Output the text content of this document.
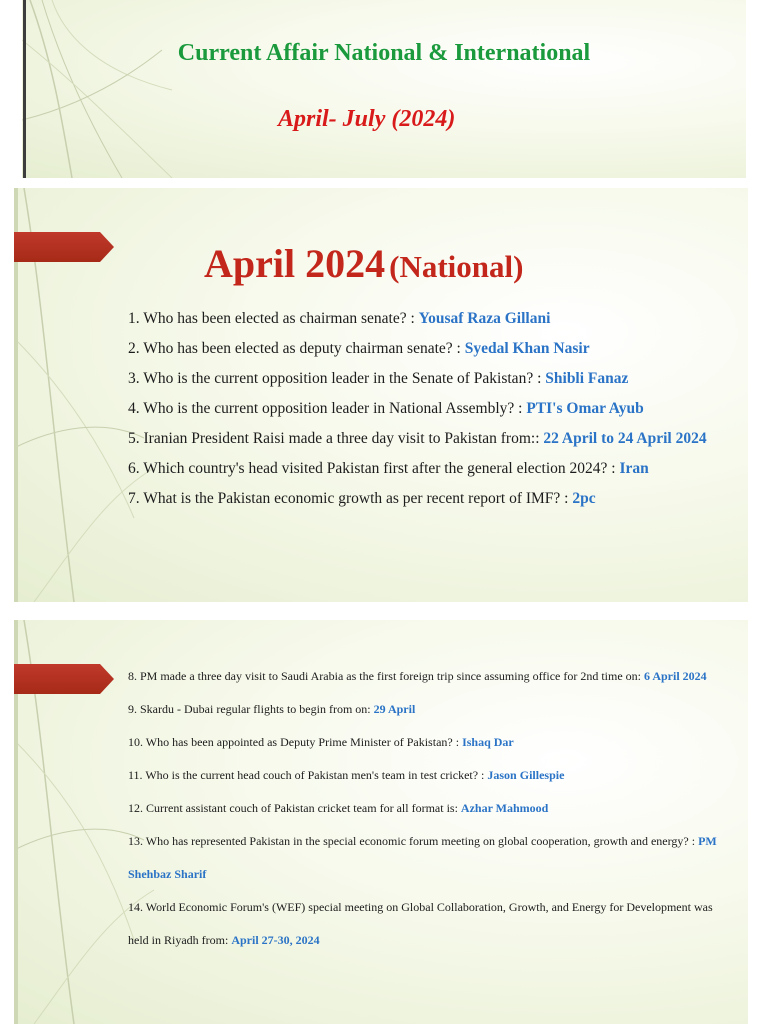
Current Affair National & International
April- July (2024)
April 2024 (National)

1. Who has been elected as chairman senate? : Yousaf Raza Gillani

2. Who has been elected as deputy chairman senate? : Syedal Khan Nasir

3. Who is the current opposition leader in the Senate of Pakistan? : Shibli Fanaz

4. Who is the current opposition leader in National Assembly? : PTI's Omar Ayub

5. Iranian President Raisi made a three day visit to Pakistan from:: 22 April to 24 April 2024

6. Which country's head visited Pakistan first after the general election 2024? : Iran

7. What is the Pakistan economic growth as per recent report of IMF? : 2pc

8. PM made a three day visit to Saudi Arabia as the first foreign trip since assuming office for 2nd time on: 6 April 2024

9. Skardu - Dubai regular flights to begin from on: 29 April

10. Who has been appointed as Deputy Prime Minister of Pakistan? : Ishaq Dar

11. Who is the current head couch of Pakistan men's team in test cricket? : Jason Gillespie

12. Current assistant couch of Pakistan cricket team for all format is: Azhar Mahmood

13. Who has represented Pakistan in the special economic forum meeting on global cooperation, growth and energy? : PM Shehbaz Sharif

14. World Economic Forum's (WEF) special meeting on Global Collaboration, Growth, and Energy for Development was held in Riyadh from: April 27-30, 2024
